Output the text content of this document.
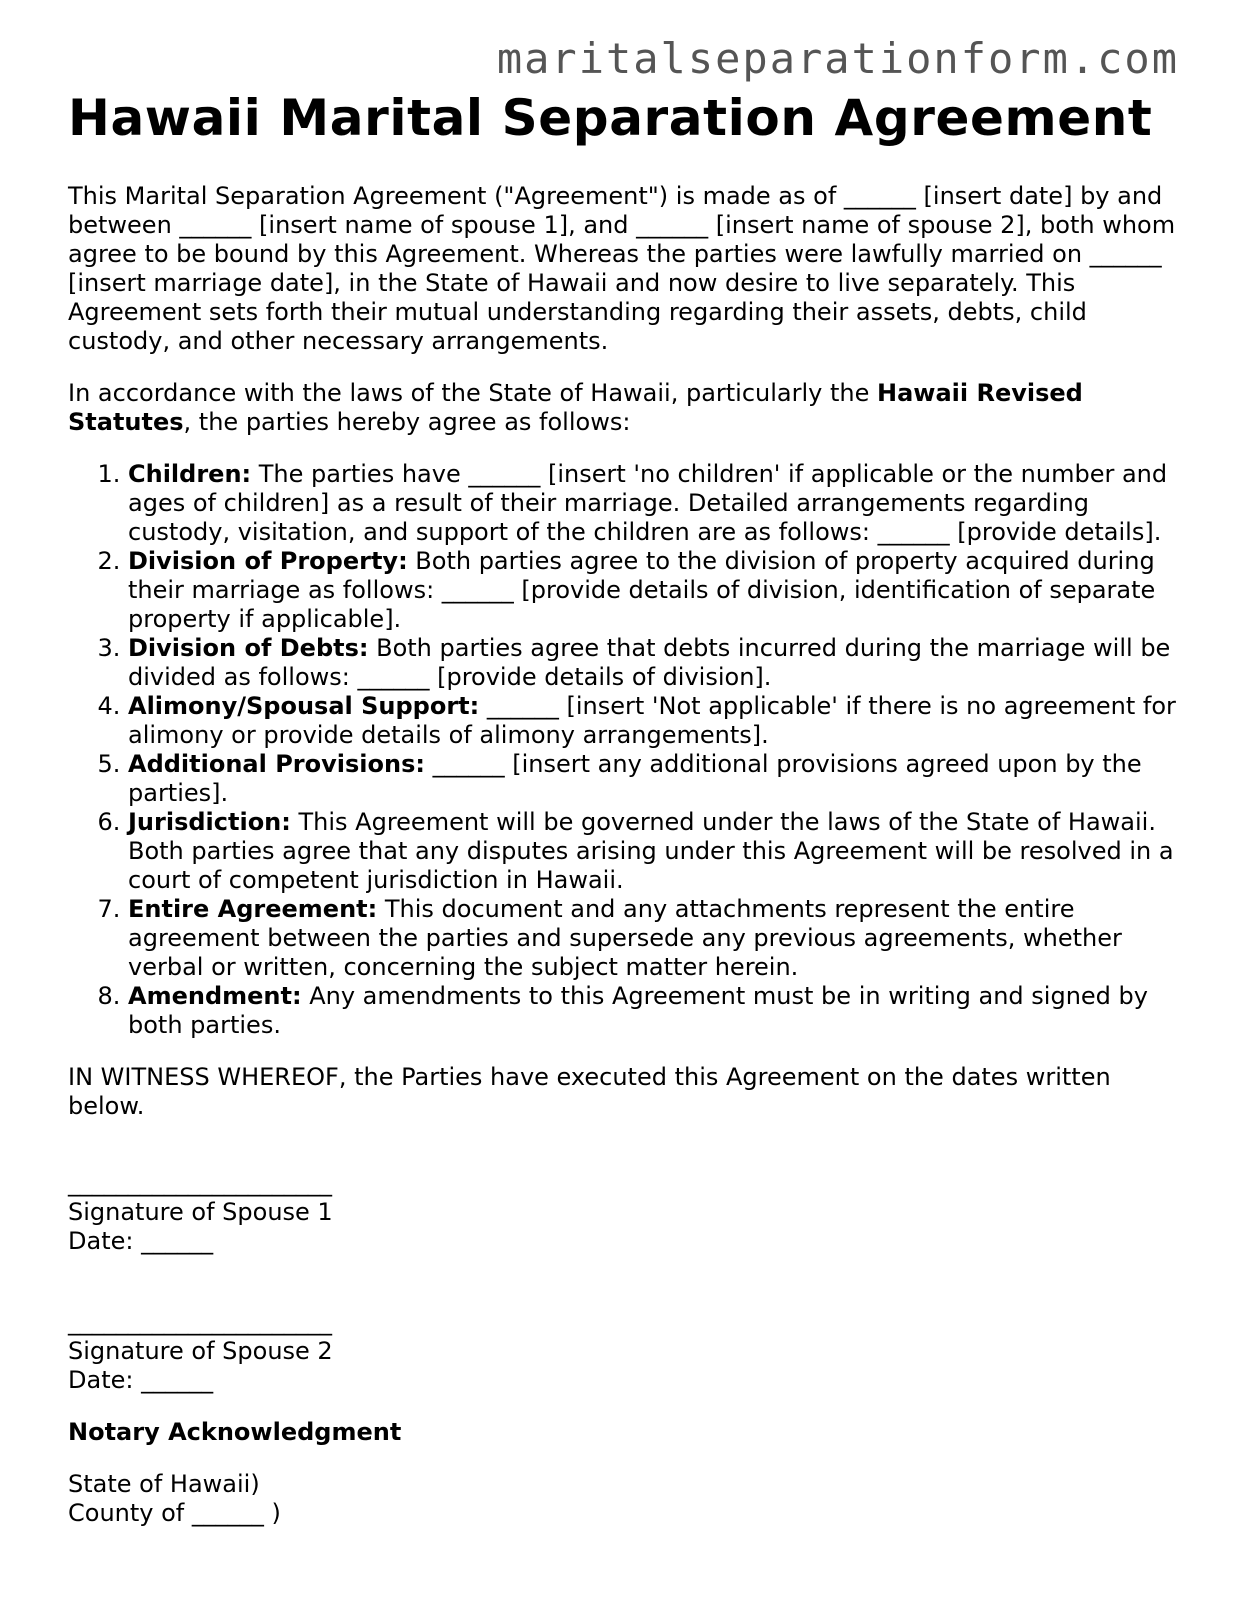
maritalseparationform.com
Hawaii Marital Separation Agreement

This Marital Separation Agreement ("Agreement") is made as of ______ [insert date] by and between ______ [insert name of spouse 1], and ______ [insert name of spouse 2], both whom agree to be bound by this Agreement. Whereas the parties were lawfully married on ______ [insert marriage date], in the State of Hawaii and now desire to live separately. This Agreement sets forth their mutual understanding regarding their assets, debts, child custody, and other necessary arrangements.

In accordance with the laws of the State of Hawaii, particularly the Hawaii Revised Statutes, the parties hereby agree as follows:

1. Children: The parties have ______ [insert 'no children' if applicable or the number and ages of children] as a result of their marriage. Detailed arrangements regarding custody, visitation, and support of the children are as follows: ______ [provide details].
2. Division of Property: Both parties agree to the division of property acquired during their marriage as follows: ______ [provide details of division, identification of separate property if applicable].
3. Division of Debts: Both parties agree that debts incurred during the marriage will be divided as follows: ______ [provide details of division].
4. Alimony/Spousal Support: ______ [insert 'Not applicable' if there is no agreement for alimony or provide details of alimony arrangements].
5. Additional Provisions: ______ [insert any additional provisions agreed upon by the parties].
6. Jurisdiction: This Agreement will be governed under the laws of the State of Hawaii. Both parties agree that any disputes arising under this Agreement will be resolved in a court of competent jurisdiction in Hawaii.
7. Entire Agreement: This document and any attachments represent the entire agreement between the parties and supersede any previous agreements, whether verbal or written, concerning the subject matter herein.
8. Amendment: Any amendments to this Agreement must be in writing and signed by both parties.

IN WITNESS WHEREOF, the Parties have executed this Agreement on the dates written below.

______________________
Signature of Spouse 1
Date: ______
______________________
Signature of Spouse 2
Date: ______

Notary Acknowledgment

State of Hawaii)

County of ______ )
